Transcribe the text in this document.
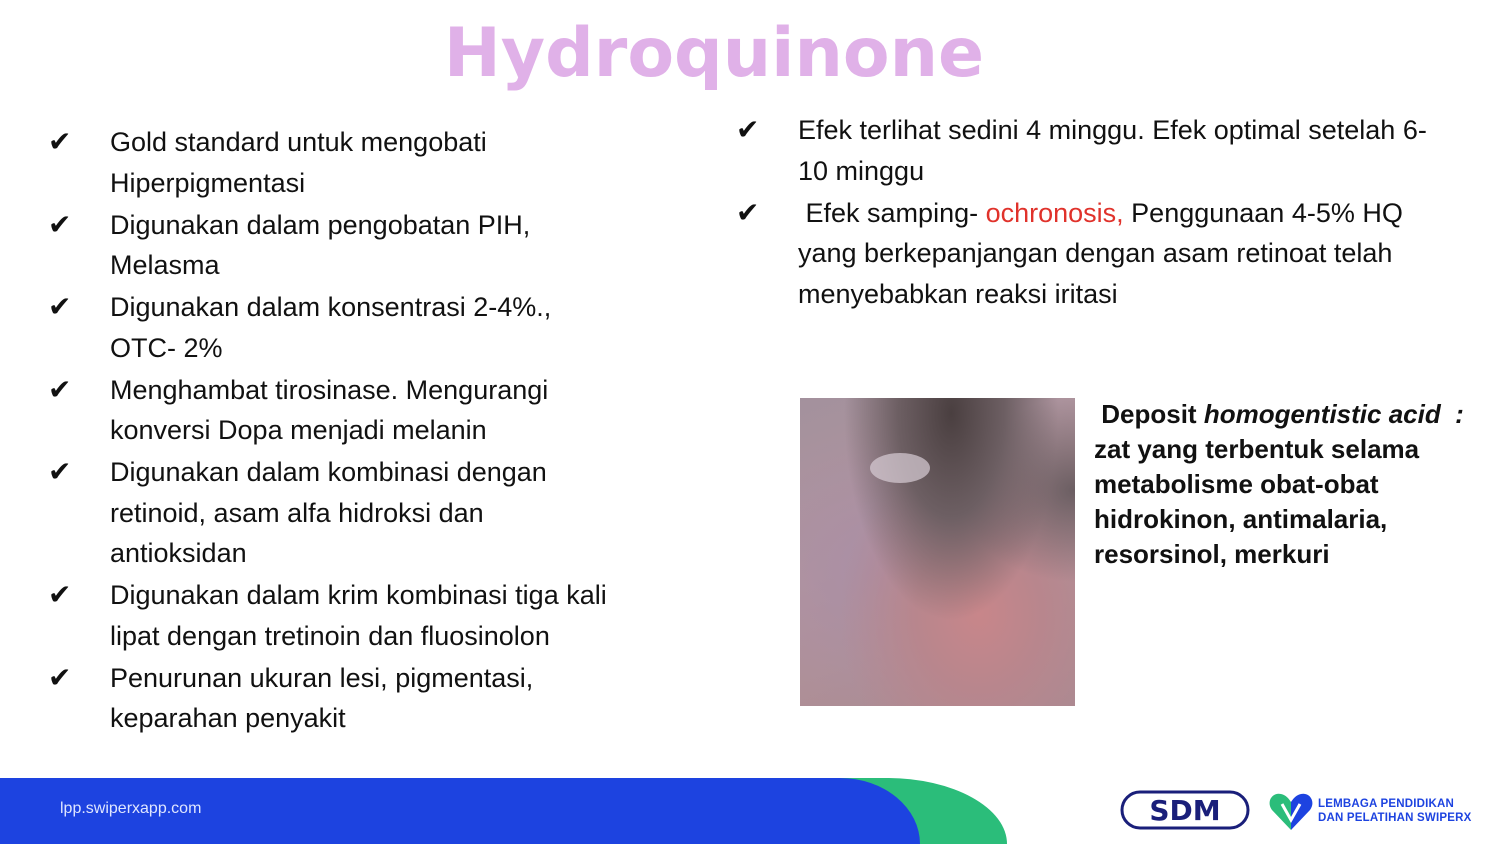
Hydroquinone
✔ Gold standard untuk mengobati Hiperpigmentasi
✔ Digunakan dalam pengobatan PIH, Melasma
✔ Digunakan dalam konsentrasi 2-4%., OTC- 2%
✔ Menghambat tirosinase. Mengurangi konversi Dopa menjadi melanin
✔ Digunakan dalam kombinasi dengan retinoid, asam alfa hidroksi dan antioksidan
✔ Digunakan dalam krim kombinasi tiga kali lipat dengan tretinoin dan fluosinolon
✔ Penurunan ukuran lesi, pigmentasi, keparahan penyakit
✔ Efek terlihat sedini 4 minggu. Efek optimal setelah 6-10 minggu
✔ Efek samping- ochronosis, Penggunaan 4-5% HQ yang berkepanjangan dengan asam retinoat telah menyebabkan reaksi iritasi
Deposit homogentistic acid  :  zat yang terbentuk selama metabolisme obat-obat hidrokinon, antimalaria, resorsinol, merkuri
lpp.swiperxapp.com	SDM	LEMBAGA PENDIDIKAN
DAN PELATIHAN SWIPERX
